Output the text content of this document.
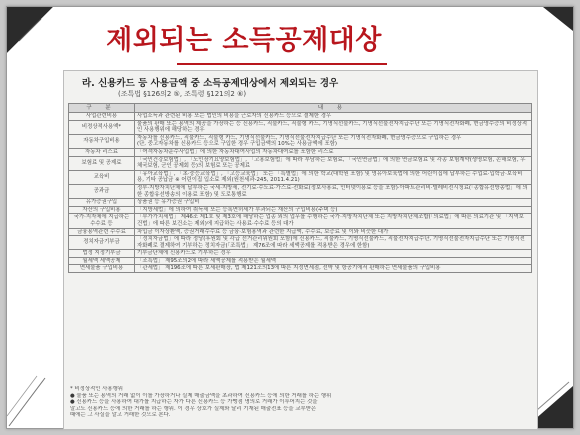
제외되는 소득공제대상
라. 신용카드 등 사용금액 중 소득공제대상에서 제외되는 경우
(조특법 §126의2 ⑤, 조특령 §121의2 ⑥)
구 분	내 용
사업관련비용	사업소득과 관련된 비용 또는 법인의 비용을 근로자의 신용카드 등으로 결제한 경우

비정상적사용액*	물품의 판매 또는 용역의 제공을 가장하는 등 신용카드, 직불카드, 직불형 카드, 기명식선불카드, 기명식선불전자지급수단 또는 기명식전자화폐, 현금영수증의 비정상적인 사용행위에 해당하는 경우

자동차구입비용	자동차를 신용카드, 직불카드, 직불형 카드, 기명식선불카드, 기명식선불전자지급수단 또는 기명식전자화폐, 현금영수증으로 구입하는 경우
(단, 중고자동차를 신용카드 등으로 구입한 경우 구입금액의 10%는 사용금액에 포함)

자동차 리스료	「여객자동차운수사업법」에 의한 자동차대여사업의 자동차대여료를 포함한 리스료

보험료 및 공제료	「국민건강보험법」, 「노인장기요양보험법」, 「고용보험법」에 따라 부담하는 보험료, 「국민연금법」에 의한 연금보험료 및 각종 보험계약(생명보험, 손해보험, 우체국보험, 군인 공제회 등)의 보험료 또는 공제료

교육비	「유아교육법」, 「초·중등교육법」, 「고등교육법」 또는 「특별법」에 의한 학교(대학원 포함) 및 영유아보육법에 의한 어린이집에 납부하는 수업료·입학금·보육비용, 기타 공납금 ※ 어린이집 입소료 제외(원천세과-245, 2011.4.21)

공과금	정부·지방자치단체에 납부하는 국세·지방세, 전기료·수도료·가스료·전화료(정보사용료, 인터넷이용료 등을 포함)·아파트관리비·텔레비전시청료(「종합유선방송법」에 의한 종합유선방송의 이용료 포함) 및 도로통행료

유가증권구입	상품권 등 유가증권 구입비

자산의 구입비용	「지방세법」에 의하여 취득세 또는 등록면허세가 부과되는 재산의 구입비용(주택 등)

국가·지자체에 지급하는 수수료 등	「부가가치세법」 제46조 제1호 및 제3호에 해당하는 업종 외의 업무를 수행하는 국가·지방자치단체 또는 지방자치단체조합(「의료법」에 따른 의료기관 및 「지역보건법」에 따른 보건소는 제외)에 지급하는 사용료·수수료 등의 대가

금융용역관련 수수료	차입금 이자상환액, 증권거래수수료 등 금융·보험용역과 관련한 지급액, 수수료, 보증료 및 이와 비슷한 대가

정치자금기부금	「정치자금법」에 따라 정당(후원회 및 각급 선거관리위원회 포함)에 신용카드, 직불카드, 기명식선불카드, 직불전자지급수단, 기명식선불전자지급수단 또는 기명식전자화폐로 결제하여 기부하는 정치자금(「조특법」 제76조에 따라 세액공제를 적용받은 경우에 한함)

법정 지정기부금	기부금단체에 신용카드로 기부하는 경우

월세액 세액공제	「조특법」 제95조의2에 따라 세액공제를 적용받은 월세액

면세물품 구입비용	「관세법」 제196조에 따른 보세판매장, 법 제121조의13에 따른 지정면세점, 선박 및 항공기에서 판매하는 면세물품의 구입비용
* 비정상적인 사용행위
● 물품 또는 용역의 거래 없이 이를 가장하거나 실제 매출금액을 초과하여 신용카드 등에 의한 거래를 하는 행위
● 신용카드 등을 사용하여 대가를 지급하는 자가 다른 신용카드 등 가맹점 명의로 거래가 이루어지는 것을
알고도 신용카드 등에 의한 거래를 하는 행위. 이 경우 상호가 실제와 달리 기재된 매출전표 등을 교부받은
때에는 그 사실을 알고 거래한 것으로 본다.
